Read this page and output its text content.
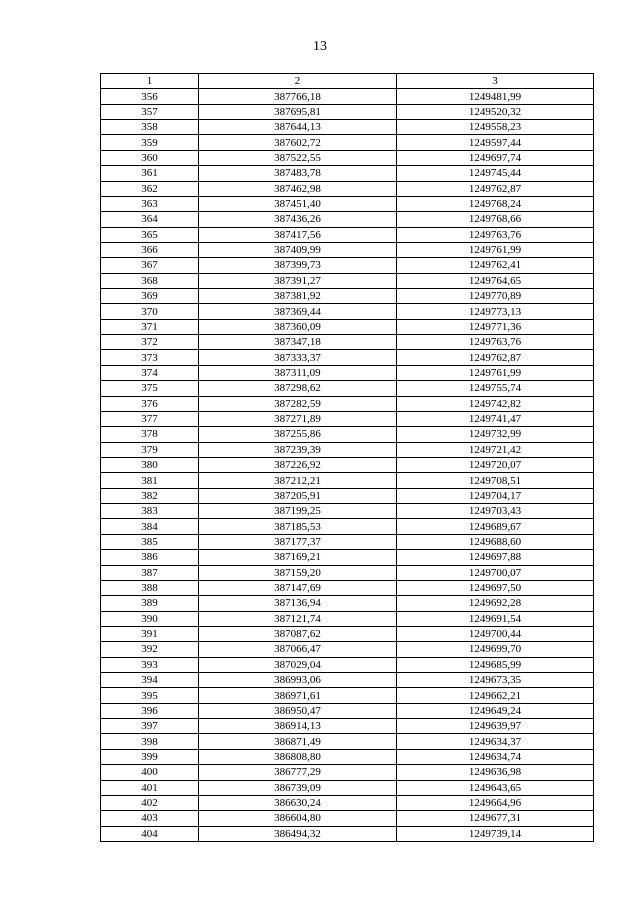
13
1	2	3
356	387766,18	1249481,99
357	387695,81	1249520,32
358	387644,13	1249558,23
359	387602,72	1249597,44
360	387522,55	1249697,74
361	387483,78	1249745,44
362	387462,98	1249762,87
363	387451,40	1249768,24
364	387436,26	1249768,66
365	387417,56	1249763,76
366	387409,99	1249761,99
367	387399,73	1249762,41
368	387391,27	1249764,65
369	387381,92	1249770,89
370	387369,44	1249773,13
371	387360,09	1249771,36
372	387347,18	1249763,76
373	387333,37	1249762,87
374	387311,09	1249761,99
375	387298,62	1249755,74
376	387282,59	1249742,82
377	387271,89	1249741,47
378	387255,86	1249732,99
379	387239,39	1249721,42
380	387226,92	1249720,07
381	387212,21	1249708,51
382	387205,91	1249704,17
383	387199,25	1249703,43
384	387185,53	1249689,67
385	387177,37	1249688,60
386	387169,21	1249697,88
387	387159,20	1249700,07
388	387147,69	1249697,50
389	387136,94	1249692,28
390	387121,74	1249691,54
391	387087,62	1249700,44
392	387066,47	1249699,70
393	387029,04	1249685,99
394	386993,06	1249673,35
395	386971,61	1249662,21
396	386950,47	1249649,24
397	386914,13	1249639,97
398	386871,49	1249634,37
399	386808,80	1249634,74
400	386777,29	1249636,98
401	386739,09	1249643,65
402	386630,24	1249664,96
403	386604,80	1249677,31
404	386494,32	1249739,14
